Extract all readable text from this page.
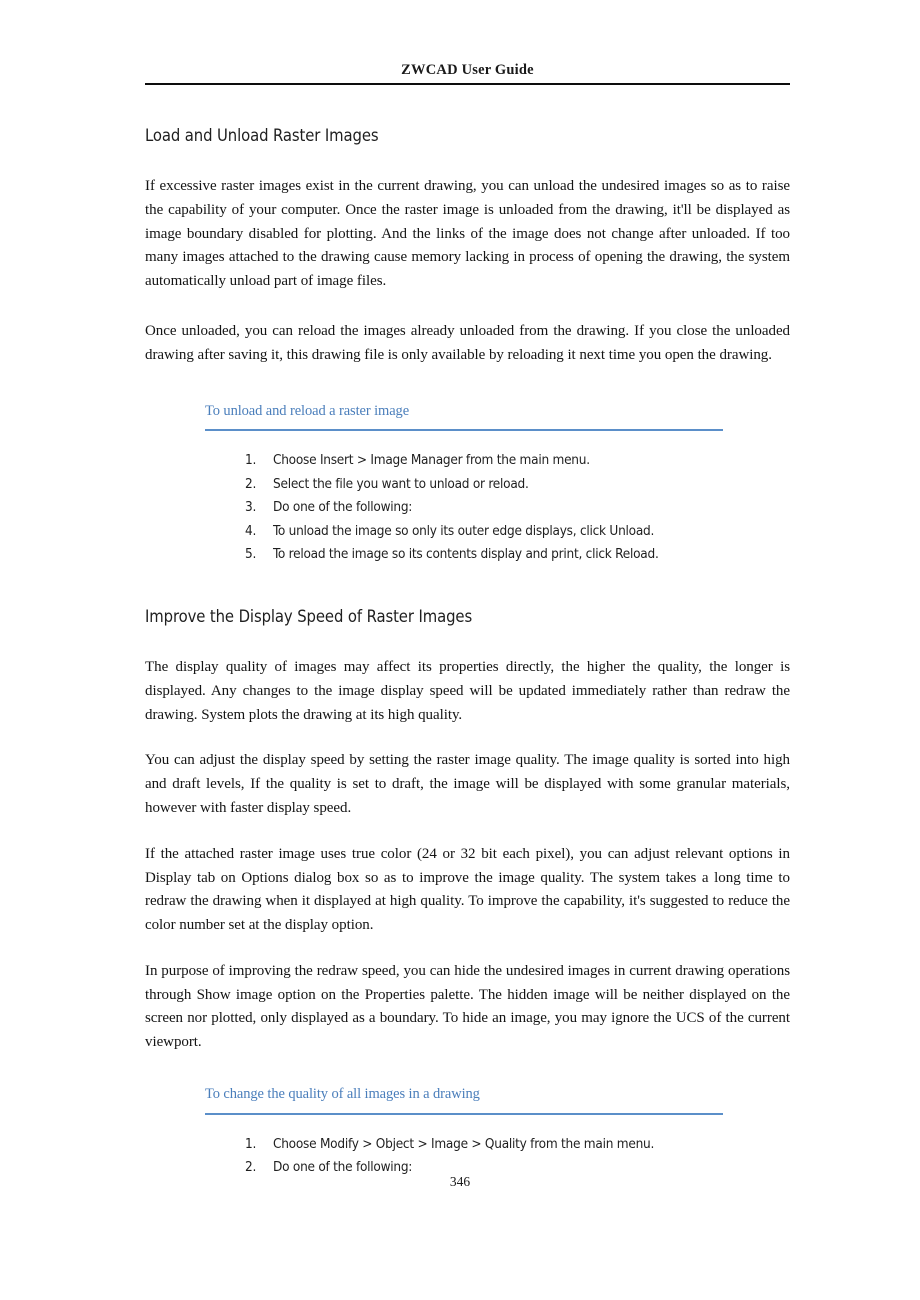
ZWCAD User Guide
Load and Unload Raster Images

If excessive raster images exist in the current drawing, you can unload the undesired images so as to raise the capability of your computer. Once the raster image is unloaded from the drawing, it'll be displayed as image boundary disabled for plotting. And the links of the image does not change after unloaded. If too many images attached to the drawing cause memory lacking in process of opening the drawing, the system automatically unload part of image files.

Once unloaded, you can reload the images already unloaded from the drawing. If you close the unloaded drawing after saving it, this drawing file is only available by reloading it next time you open the drawing.

To unload and reload a raster image
1. Choose Insert > Image Manager from the main menu.
2. Select the file you want to unload or reload.
3. Do one of the following:
4. To unload the image so only its outer edge displays, click Unload.
5. To reload the image so its contents display and print, click Reload.
Improve the Display Speed of Raster Images

The display quality of images may affect its properties directly, the higher the quality, the longer is displayed. Any changes to the image display speed will be updated immediately rather than redraw the drawing. System plots the drawing at its high quality.

You can adjust the display speed by setting the raster image quality. The image quality is sorted into high and draft levels, If the quality is set to draft, the image will be displayed with some granular materials, however with faster display speed.

If the attached raster image uses true color (24 or 32 bit each pixel), you can adjust relevant options in Display tab on Options dialog box so as to improve the image quality. The system takes a long time to redraw the drawing when it displayed at high quality. To improve the capability, it's suggested to reduce the color number set at the display option.

In purpose of improving the redraw speed, you can hide the undesired images in current drawing operations through Show image option on the Properties palette. The hidden image will be neither displayed on the screen nor plotted, only displayed as a boundary. To hide an image, you may ignore the UCS of the current viewport.

To change the quality of all images in a drawing
1. Choose Modify > Object > Image > Quality from the main menu.
2. Do one of the following:
346
